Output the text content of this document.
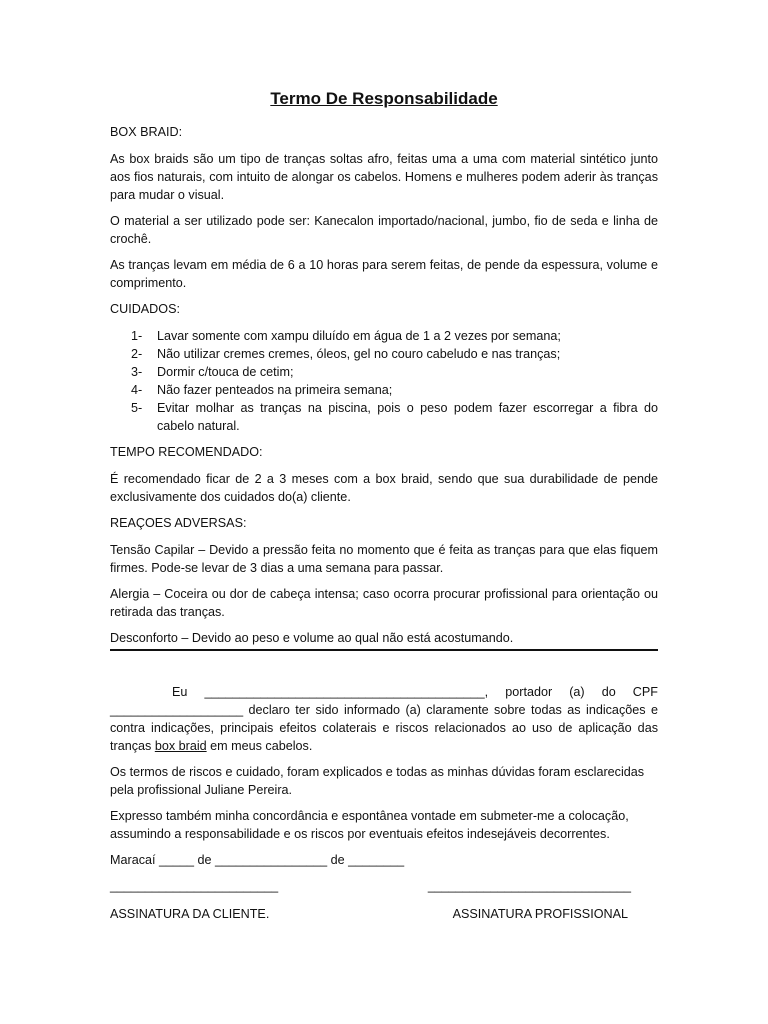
Termo De Responsabilidade

BOX BRAID:

As box braids são um tipo de tranças soltas afro, feitas uma a uma com material sintético junto aos fios naturais, com intuito de alongar os cabelos. Homens e mulheres podem aderir às tranças para mudar o visual.

O material a ser utilizado pode ser: Kanecalon importado/nacional, jumbo, fio de seda e linha de crochê.

As tranças levam em média de 6 a 10 horas para serem feitas, de pende da espessura, volume e comprimento.

CUIDADOS:

1-	Lavar somente com xampu diluído em água de 1 a 2 vezes por semana;
2-	Não utilizar cremes cremes, óleos, gel no couro cabeludo e nas tranças;
3-	Dormir c/touca de cetim;
4-	Não fazer penteados na primeira semana;
5-	Evitar molhar as tranças na piscina, pois o peso podem fazer escorregar a fibra do cabelo natural.

TEMPO RECOMENDADO:

É recomendado ficar de 2 a 3 meses com a box braid, sendo que sua durabilidade de pende exclusivamente dos cuidados do(a) cliente.

REAÇOES ADVERSAS:

Tensão Capilar – Devido a pressão feita no momento que é feita as tranças para que elas fiquem firmes. Pode-se levar de 3 dias a uma semana para passar.

Alergia – Coceira ou dor de cabeça intensa; caso ocorra procurar profissional para orientação ou retirada das tranças.

Desconforto – Devido ao peso e volume ao qual não está acostumando.

Eu ________________________________________, portador (a) do CPF ___________________ declaro ter sido informado (a) claramente sobre todas as indicações e contra indicações, principais efeitos colaterais e riscos relacionados ao uso de aplicação das tranças box braid em meus cabelos.

Os termos de riscos e cuidado, foram explicados e todas as minhas dúvidas foram esclarecidas pela profissional Juliane Pereira.

Expresso também minha concordância e espontânea vontade em submeter-me a colocação, assumindo a responsabilidade e os riscos por eventuais efeitos indesejáveis decorrentes.

Maracaí _____ de ________________ de ________

________________________	_____________________________
ASSINATURA DA CLIENTE.	ASSINATURA PROFISSIONAL
